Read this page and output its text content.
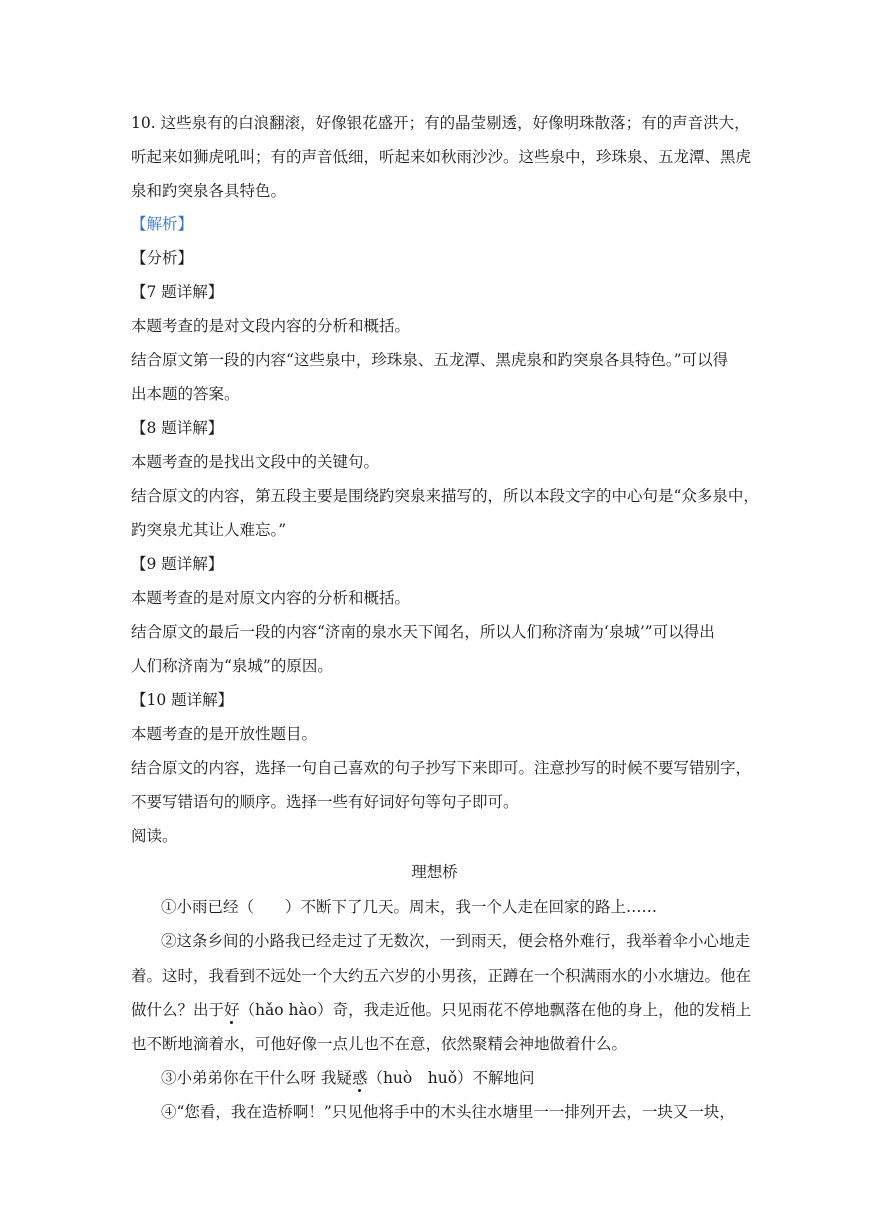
10. 这些泉有的白浪翻滚，好像银花盛开；有的晶莹剔透，好像明珠散落；有的声音洪大，
听起来如狮虎吼叫；有的声音低细，听起来如秋雨沙沙。这些泉中，珍珠泉、五龙潭、黑虎
泉和趵突泉各具特色。
【解析】
【分析】
【7 题详解】
本题考查的是对文段内容的分析和概括。
结合原文第一段的内容“这些泉中，珍珠泉、五龙潭、黑虎泉和趵突泉各具特色。”可以得
出本题的答案。
【8 题详解】
本题考查的是找出文段中的关键句。
结合原文的内容，第五段主要是围绕趵突泉来描写的，所以本段文字的中心句是“众多泉中，
趵突泉尤其让人难忘。”
【9 题详解】
本题考查的是对原文内容的分析和概括。
结合原文的最后一段的内容“济南的泉水天下闻名，所以人们称济南为‘泉城’”可以得出
人们称济南为“泉城”的原因。
【10 题详解】
本题考查的是开放性题目。
结合原文的内容，选择一句自己喜欢的句子抄写下来即可。注意抄写的时候不要写错别字，
不要写错语句的顺序。选择一些有好词好句等句子即可。
阅读。
理想桥
①小雨已经（　　）不断下了几天。周末，我一个人走在回家的路上……
②这条乡间的小路我已经走过了无数次，一到雨天，便会格外难行，我举着伞小心地走
着。这时，我看到不远处一个大约五六岁的小男孩，正蹲在一个积满雨水的小水塘边。他在
做什么？出于好（hǎo hào）奇，我走近他。只见雨花不停地飘落在他的身上，他的发梢上
也不断地滴着水，可他好像一点儿也不在意，依然聚精会神地做着什么。
③小弟弟你在干什么呀 我疑惑（huò　huǒ）不解地问
④“您看，我在造桥啊！”只见他将手中的木头往水塘里一一排列开去，一块又一块，
